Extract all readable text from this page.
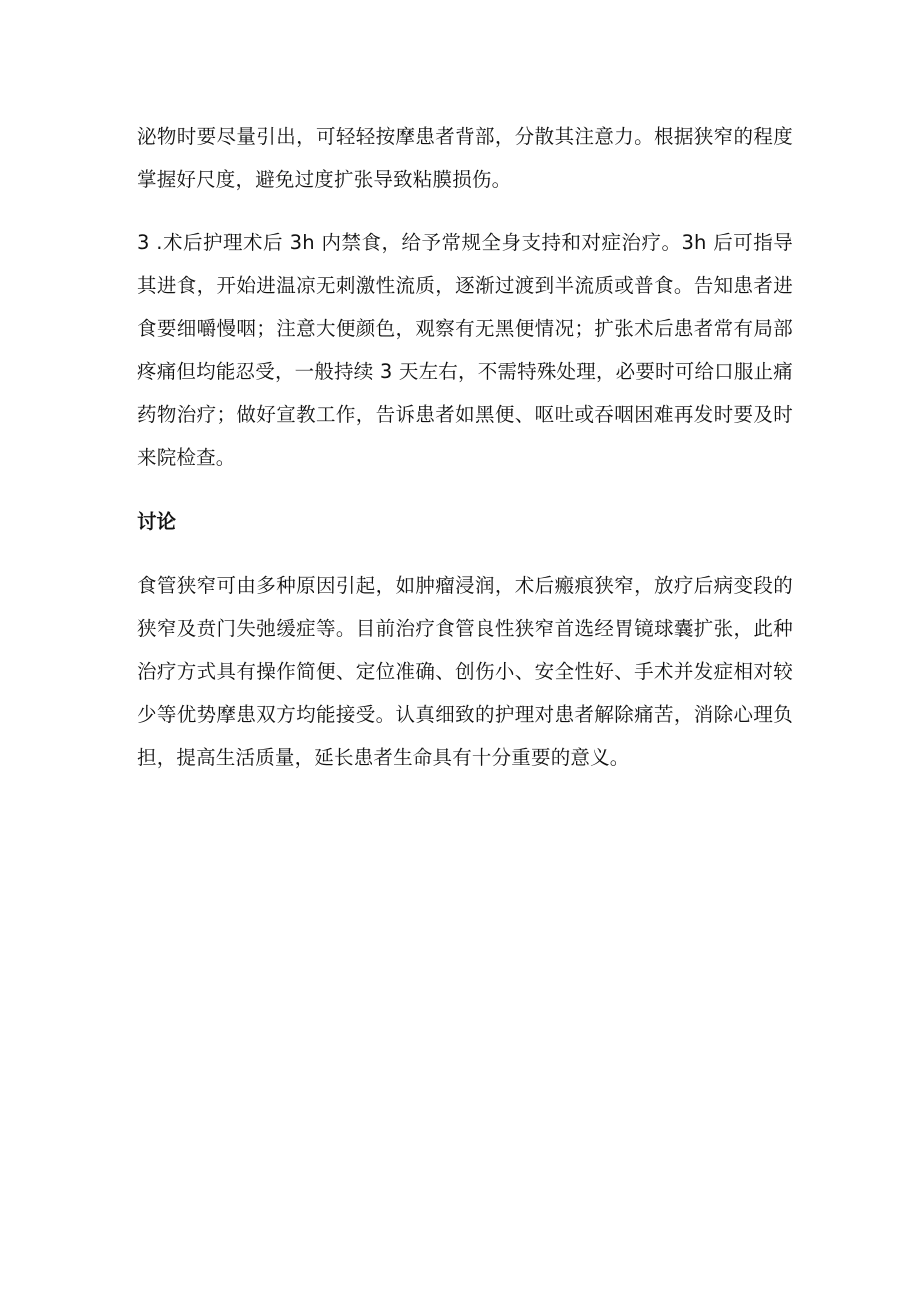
泌物时要尽量引出，可轻轻按摩患者背部，分散其注意力。根据狭窄的程度掌握好尺度，避免过度扩张导致粘膜损伤。

3 .术后护理术后 3h 内禁食，给予常规全身支持和对症治疗。3h 后可指导其进食，开始进温凉无刺激性流质，逐渐过渡到半流质或普食。告知患者进食要细嚼慢咽；注意大便颜色，观察有无黑便情况；扩张术后患者常有局部疼痛但均能忍受，一般持续 3 天左右，不需特殊处理，必要时可给口服止痛药物治疗；做好宣教工作，告诉患者如黑便、呕吐或吞咽困难再发时要及时来院检查。

讨论

食管狭窄可由多种原因引起，如肿瘤浸润，术后瘢痕狭窄，放疗后病变段的狭窄及贲门失弛缓症等。目前治疗食管良性狭窄首选经胃镜球囊扩张，此种治疗方式具有操作简便、定位准确、创伤小、安全性好、手术并发症相对较少等优势摩患双方均能接受。认真细致的护理对患者解除痛苦，消除心理负担，提高生活质量，延长患者生命具有十分重要的意义。
